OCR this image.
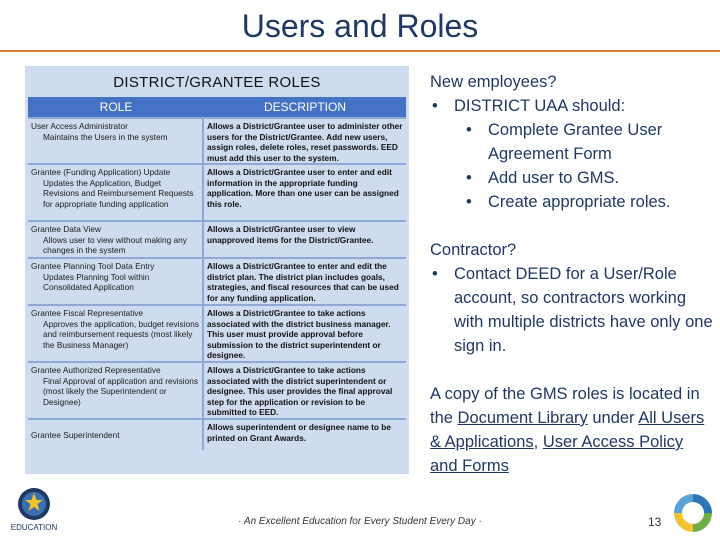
Users and Roles
DISTRICT/GRANTEE ROLES
ROLE	DESCRIPTION
User Access Administrator
Maintains the Users in the system
Allows a District/Grantee user to administer other users for the District/Grantee. Add new users, assign roles, delete roles, reset passwords. EED must add this user to the system.
Grantee (Funding Application) Update
Updates the Application, Budget Revisions and Reimbursement Requests for appropriate funding application
Allows a District/Grantee user to enter and edit information in the appropriate funding application. More than one user can be assigned this role.
Grantee Data View
Allows user to view without making any changes in the system
Allows a District/Grantee user to view unapproved items for the District/Grantee.
Grantee Planning Tool Data Entry
Updates Planning Tool within Consolidated Application
Allows a District/Grantee to enter and edit the district plan. The district plan includes goals, strategies, and fiscal resources that can be used for any funding application.
Grantee Fiscal Representative
Approves the application, budget revisions and reimbursement requests (most likely the Business Manager)
Allows a District/Grantee to take actions associated with the district business manager. This user must provide approval before submission to the district superintendent or designee.
Grantee Authorized Representative
Final Approval of application and revisions (most likely the Superintendent or Designee)
Allows a District/Grantee to take actions associated with the district superintendent or designee. This user provides the final approval step for the application or revision to be submitted to EED.
Grantee Superintendent
Allows superintendent or designee name to be printed on Grant Awards.

New employees?

• DISTRICT UAA should:

• Complete Grantee User Agreement Form

• Add user to GMS.

• Create appropriate roles.

Contractor?

• Contact DEED for a User/Role account, so contractors working with multiple districts have only one sign in.

A copy of the GMS roles is located in the Document Library under All Users & Applications, User Access Policy and Forms

EDUCATION
· An Excellent Education for Every Student Every Day ·	13
